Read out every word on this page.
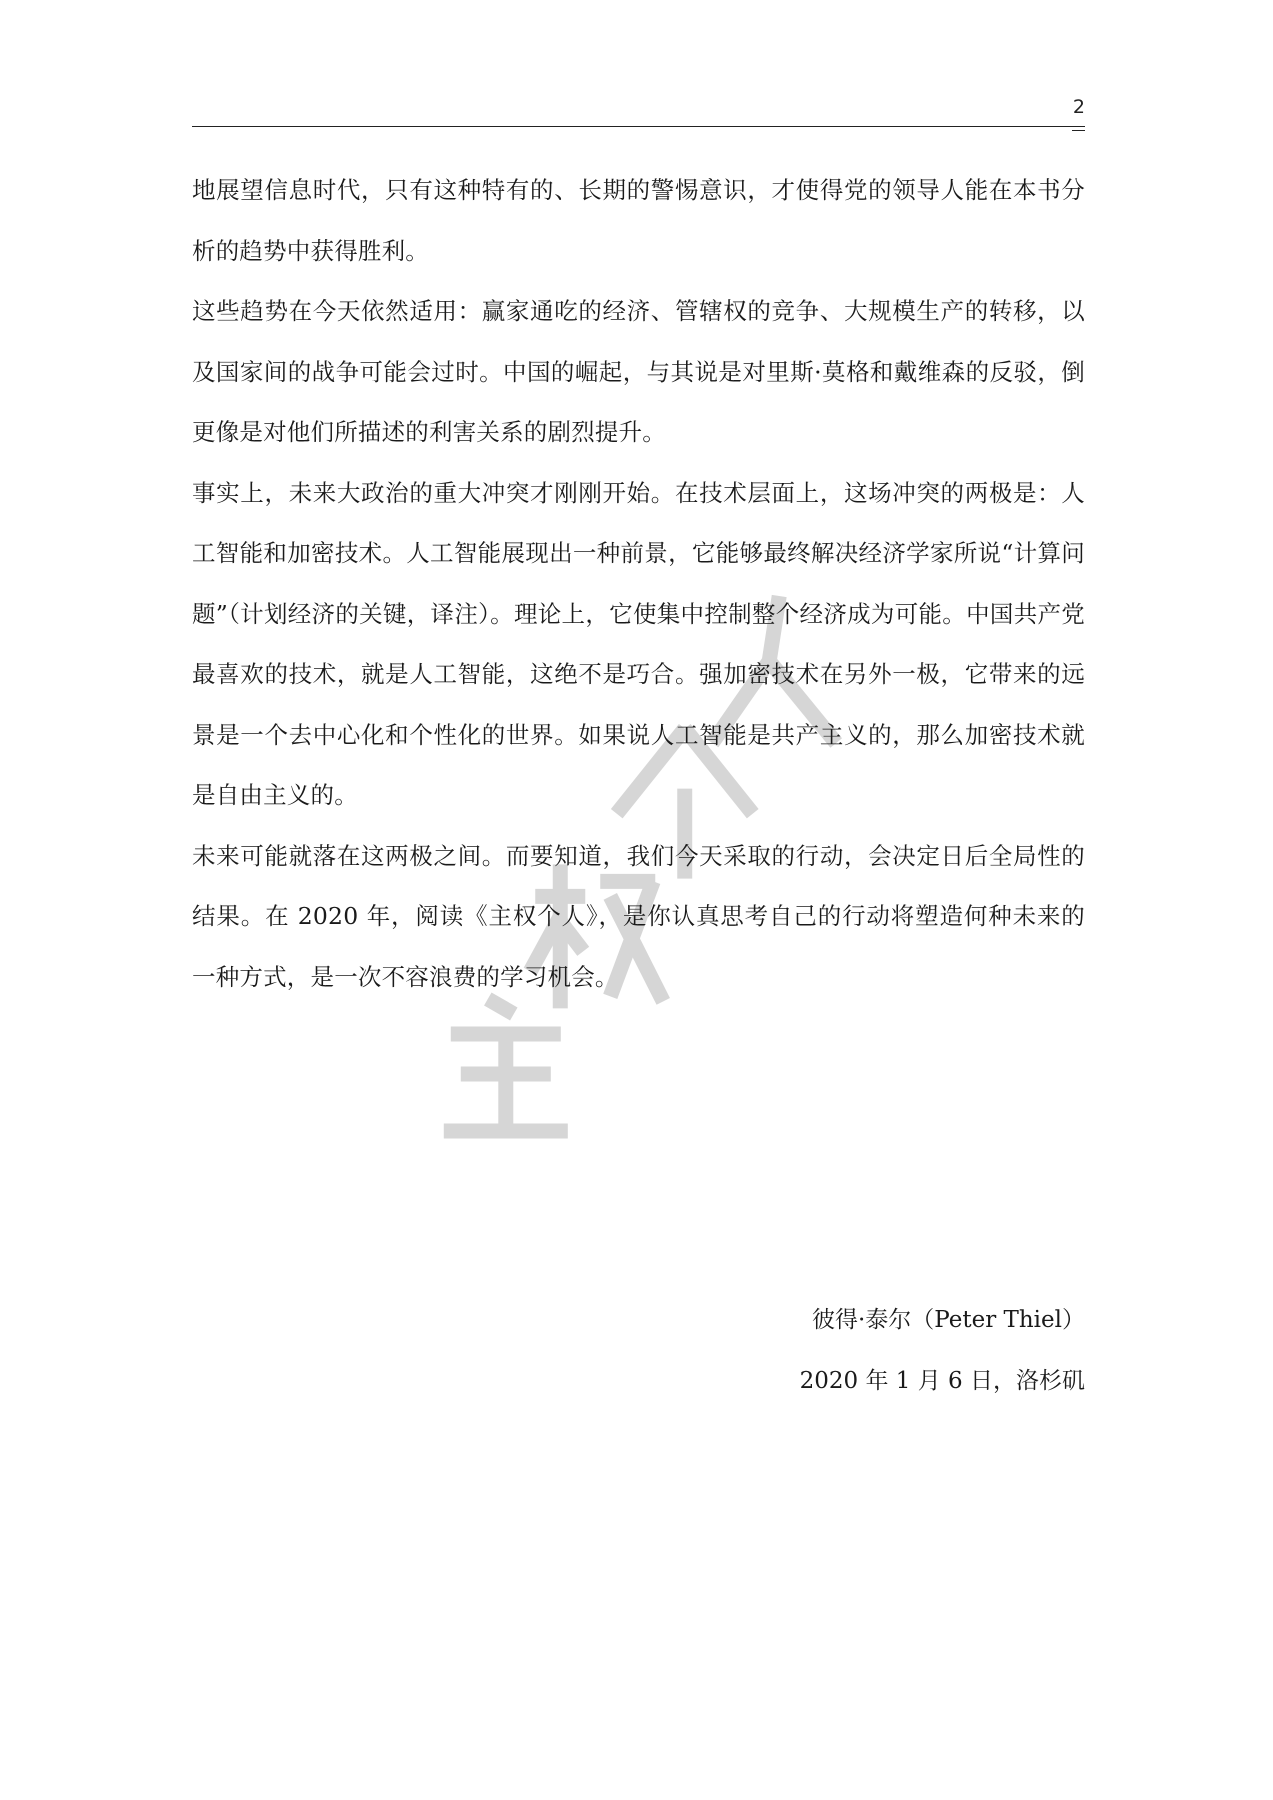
2

地展望信息时代，只有这种特有的、长期的警惕意识，才使得党的领导人能在本书分析的趋势中获得胜利。

这些趋势在今天依然适用：赢家通吃的经济、管辖权的竞争、大规模生产的转移，以及国家间的战争可能会过时。中国的崛起，与其说是对里斯·莫格和戴维森的反驳，倒更像是对他们所描述的利害关系的剧烈提升。

事实上，未来大政治的重大冲突才刚刚开始。在技术层面上，这场冲突的两极是：人工智能和加密技术。人工智能展现出一种前景，它能够最终解决经济学家所说“计算问题”（计划经济的关键，译注）。理论上，它使集中控制整个经济成为可能。中国共产党最喜欢的技术，就是人工智能，这绝不是巧合。强加密技术在另外一极，它带来的远景是一个去中心化和个性化的世界。如果说人工智能是共产主义的，那么加密技术就是自由主义的。

未来可能就落在这两极之间。而要知道，我们今天采取的行动，会决定日后全局性的结果。在 2020 年，阅读《主权个人》，是你认真思考自己的行动将塑造何种未来的一种方式，是一次不容浪费的学习机会。

彼得·泰尔（Peter Thiel）
2020 年 1 月 6 日，洛杉矶
